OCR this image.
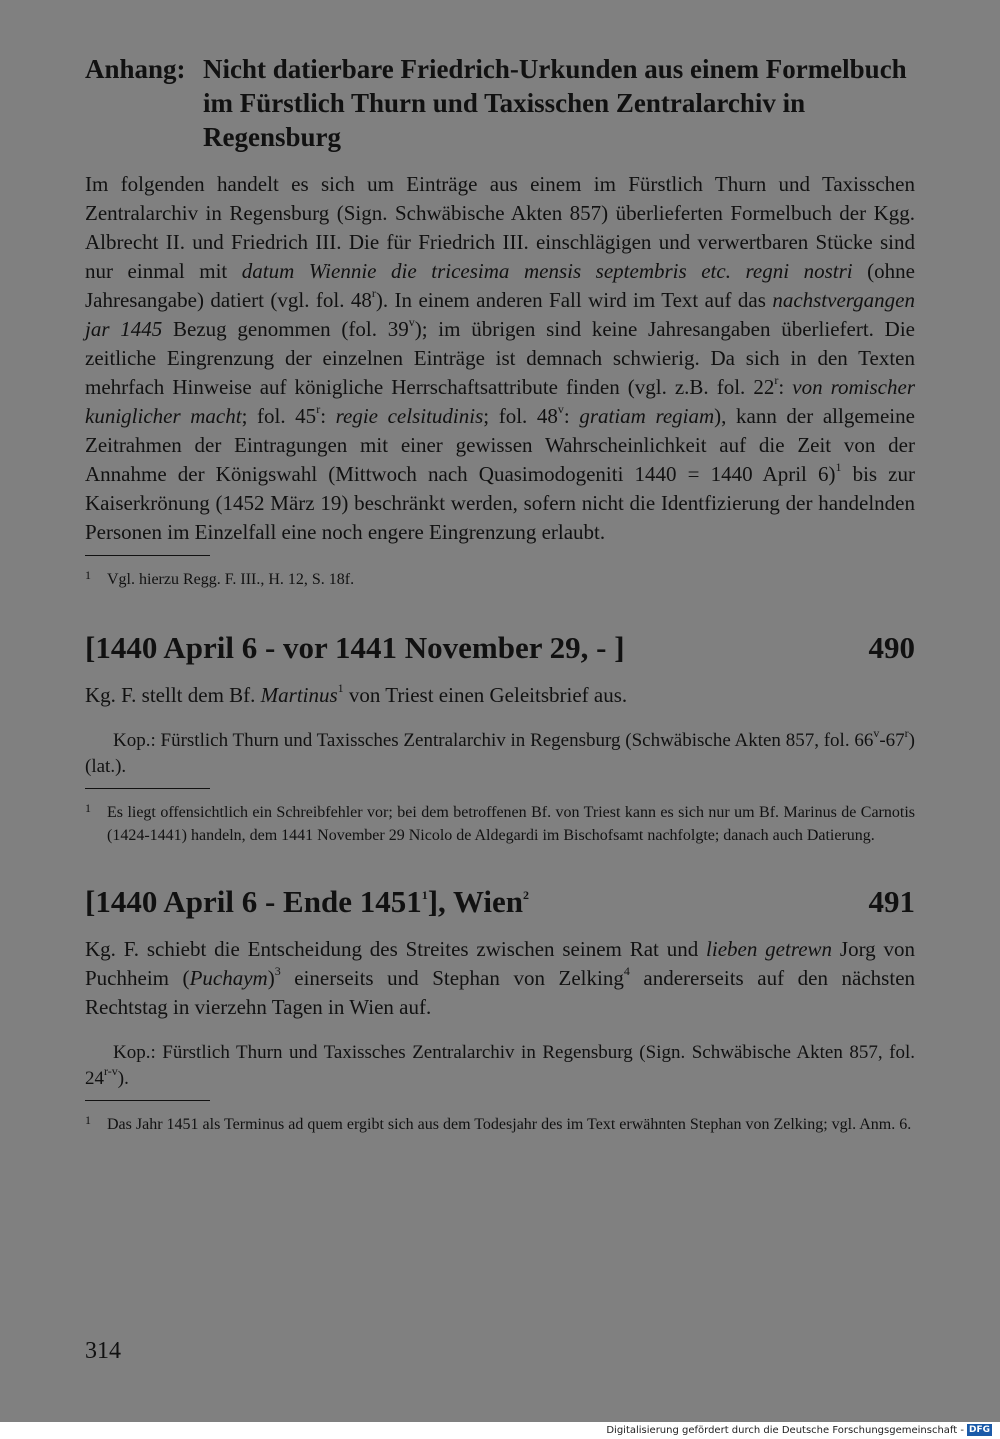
Anhang: Nicht datierbare Friedrich-Urkunden aus einem Formelbuch im Fürstlich Thurn und Taxisschen Zentralarchiv in Regensburg

Im folgenden handelt es sich um Einträge aus einem im Fürstlich Thurn und Taxisschen Zentralarchiv in Regensburg (Sign. Schwäbische Akten 857) überlieferten Formelbuch der Kgg. Albrecht II. und Friedrich III. Die für Friedrich III. einschlägigen und verwertbaren Stücke sind nur einmal mit datum Wiennie die tricesima mensis septembris etc. regni nostri (ohne Jahresangabe) datiert (vgl. fol. 48$^r$). In einem anderen Fall wird im Text auf das nachstvergangen jar 1445 Bezug genommen (fol. 39$^v$); im übrigen sind keine Jahresangaben überliefert. Die zeitliche Eingrenzung der einzelnen Einträge ist demnach schwierig. Da sich in den Texten mehrfach Hinweise auf königliche Herrschaftsattribute finden (vgl. z.B. fol. 22$^r$: von romischer kuniglicher macht; fol. 45$^r$: regie celsitudinis; fol. 48$^v$: gratiam regiam), kann der allgemeine Zeitrahmen der Eintragungen mit einer gewissen Wahrscheinlichkeit auf die Zeit von der Annahme der Königswahl (Mittwoch nach Quasimodogeniti 1440 = 1440 April 6)$^1$ bis zur Kaiserkrönung (1452 März 19) beschränkt werden, sofern nicht die Identfizierung der handelnden Personen im Einzelfall eine noch engere Eingrenzung erlaubt.

1	Vgl. hierzu Regg. F. III., H. 12, S. 18f.
[1440 April 6 - vor 1441 November 29, - ]	490

Kg. F. stellt dem Bf. Martinus$^1$ von Triest einen Geleitsbrief aus.

Kop.: Fürstlich Thurn und Taxissches Zentralarchiv in Regensburg (Schwäbische Akten 857, fol. 66$^v$-67$^r$) (lat.).

1	Es liegt offensichtlich ein Schreibfehler vor; bei dem betroffenen Bf. von Triest kann es sich nur um Bf. Marinus de Carnotis (1424-1441) handeln, dem 1441 November 29 Nicolo de Aldegardi im Bischofsamt nachfolgte; danach auch Datierung.
[1440 April 6 - Ende 1451$^1$], Wien$^2$	491

Kg. F. schiebt die Entscheidung des Streites zwischen seinem Rat und lieben getrewn Jorg von Puchheim (Puchaym)$^3$ einerseits und Stephan von Zelking$^4$ andererseits auf den nächsten Rechtstag in vierzehn Tagen in Wien auf.

Kop.: Fürstlich Thurn und Taxissches Zentralarchiv in Regensburg (Sign. Schwäbische Akten 857, fol. 24$^{r-v}$).

1	Das Jahr 1451 als Terminus ad quem ergibt sich aus dem Todesjahr des im Text erwähnten Stephan von Zelking; vgl. Anm. 6.
314
Digitalisierung gefördert durch die Deutsche Forschungsgemeinschaft - DFG
